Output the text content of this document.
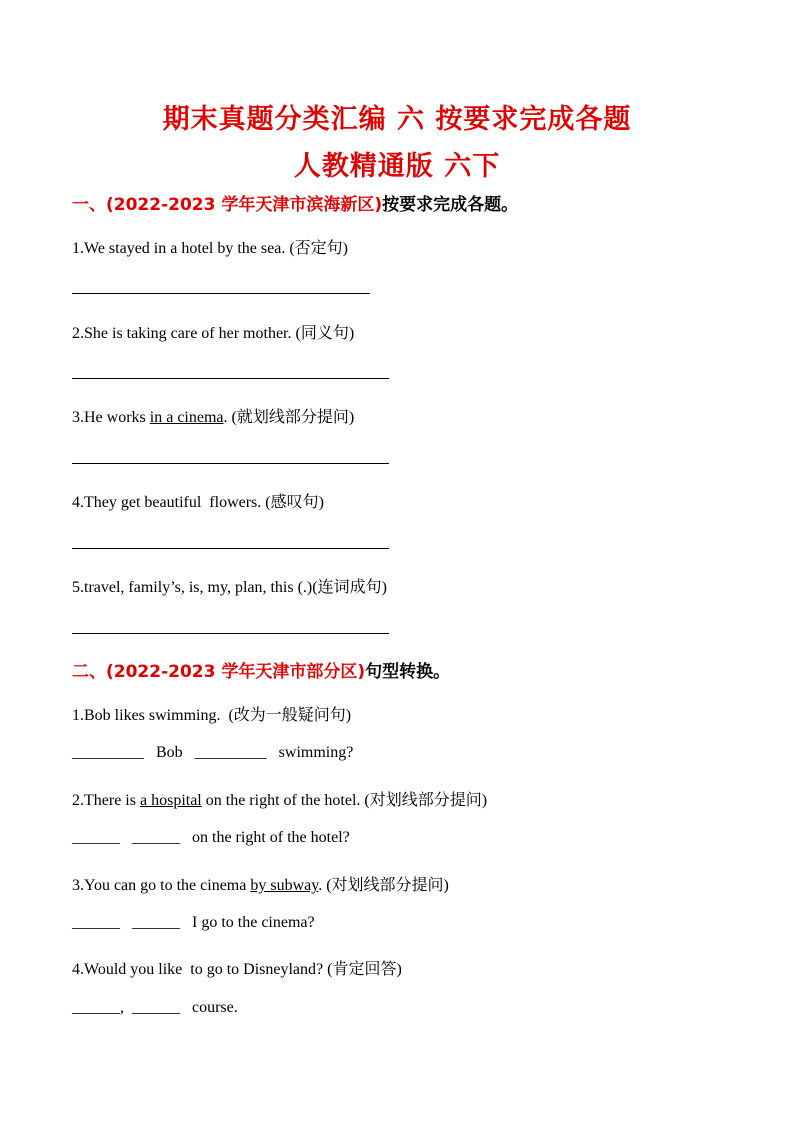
期末真题分类汇编 六 按要求完成各题
人教精通版 六下
一、(2022-2023 学年天津市滨海新区)按要求完成各题。
1.We stayed in a hotel by the sea. (否定句)
2.She is taking care of her mother. (同义句)
3.He works in a cinema. (就划线部分提问)
4.They get beautiful  flowers. (感叹句)
5.travel, family’s, is, my, plan, this (.)(连词成句)
二、(2022-2023 学年天津市部分区)句型转换。
1.Bob likes swimming.  (改为一般疑问句)
_________   Bob   _________   swimming?
2.There is a hospital on the right of the hotel. (对划线部分提问)
______   ______   on the right of the hotel?
3.You can go to the cinema by subway. (对划线部分提问)
______   ______   I go to the cinema?
4.Would you like  to go to Disneyland? (肯定回答)
______,  ______   course.
